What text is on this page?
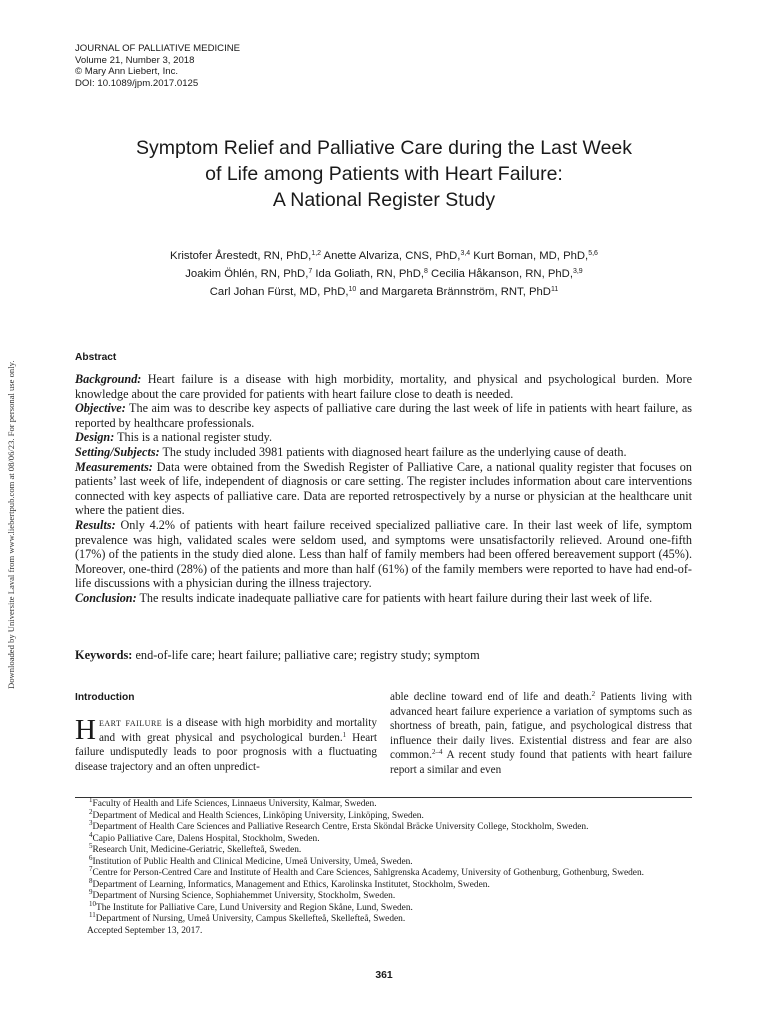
Downloaded by Universite Laval from www.liebertpub.com at 08/06/23. For personal use only.
JOURNAL OF PALLIATIVE MEDICINE
Volume 21, Number 3, 2018
© Mary Ann Liebert, Inc.
DOI: 10.1089/jpm.2017.0125
Symptom Relief and Palliative Care during the Last Week
of Life among Patients with Heart Failure:
A National Register Study
Kristofer Årestedt, RN, PhD,$^{1,2}$ Anette Alvariza, CNS, PhD,$^{3,4}$ Kurt Boman, MD, PhD,$^{5,6}$
Joakim Öhlén, RN, PhD,$^7$ Ida Goliath, RN, PhD,$^8$ Cecilia Håkanson, RN, PhD,$^{3,9}$
Carl Johan Fürst, MD, PhD,$^{10}$ and Margareta Brännström, RNT, PhD$^{11}$
Abstract

Background: Heart failure is a disease with high morbidity, mortality, and physical and psychological burden. More knowledge about the care provided for patients with heart failure close to death is needed.

Objective: The aim was to describe key aspects of palliative care during the last week of life in patients with heart failure, as reported by healthcare professionals.

Design: This is a national register study.

Setting/Subjects: The study included 3981 patients with diagnosed heart failure as the underlying cause of death.

Measurements: Data were obtained from the Swedish Register of Palliative Care, a national quality register that focuses on patients’ last week of life, independent of diagnosis or care setting. The register includes information about care interventions connected with key aspects of palliative care. Data are reported retrospectively by a nurse or physician at the healthcare unit where the patient dies.

Results: Only 4.2% of patients with heart failure received specialized palliative care. In their last week of life, symptom prevalence was high, validated scales were seldom used, and symptoms were unsatisfactorily relieved. Around one-fifth (17%) of the patients in the study died alone. Less than half of family members had been offered bereavement support (45%). Moreover, one-third (28%) of the patients and more than half (61%) of the family members were reported to have had end-of-life discussions with a physician during the illness trajectory.

Conclusion: The results indicate inadequate palliative care for patients with heart failure during their last week of life.

Keywords: end-of-life care; heart failure; palliative care; registry study; symptom
Introduction

Heart failure is a disease with high morbidity and mortality and with great physical and psychological burden.$^1$ Heart failure undisputedly leads to poor prognosis with a fluctuating disease trajectory and an often unpredict-

able decline toward end of life and death.$^2$ Patients living with advanced heart failure experience a variation of symptoms such as shortness of breath, pain, fatigue, and psychological distress that influence their daily lives. Existential distress and fear are also common.$^{2-4}$ A recent study found that patients with heart failure report a similar and even

$^1$Faculty of Health and Life Sciences, Linnaeus University, Kalmar, Sweden.

$^2$Department of Medical and Health Sciences, Linköping University, Linköping, Sweden.

$^3$Department of Health Care Sciences and Palliative Research Centre, Ersta Sköndal Bräcke University College, Stockholm, Sweden.

$^4$Capio Palliative Care, Dalens Hospital, Stockholm, Sweden.

$^5$Research Unit, Medicine-Geriatric, Skellefteå, Sweden.

$^6$Institution of Public Health and Clinical Medicine, Umeå University, Umeå, Sweden.

$^7$Centre for Person-Centred Care and Institute of Health and Care Sciences, Sahlgrenska Academy, University of Gothenburg, Gothenburg, Sweden.

$^8$Department of Learning, Informatics, Management and Ethics, Karolinska Institutet, Stockholm, Sweden.

$^9$Department of Nursing Science, Sophiahemmet University, Stockholm, Sweden.

$^{10}$The Institute for Palliative Care, Lund University and Region Skåne, Lund, Sweden.

$^{11}$Department of Nursing, Umeå University, Campus Skellefteå, Skellefteå, Sweden.

Accepted September 13, 2017.

361
